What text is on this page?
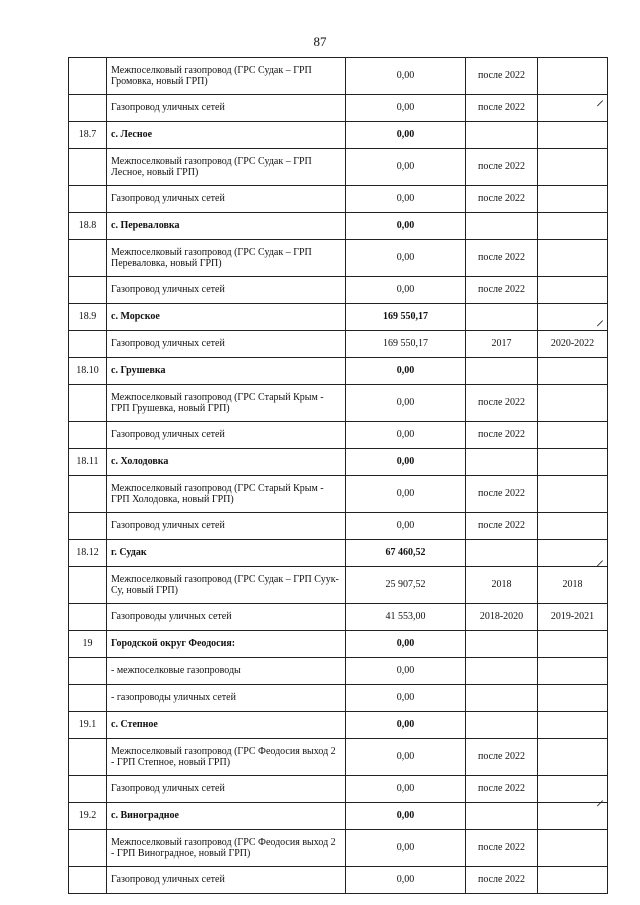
87
	Межпоселковый газопровод (ГРС Судак – ГРП Громовка, новый ГРП)	0,00	после 2022	
	Газопровод уличных сетей	0,00	после 2022	
18.7	с. Лесное	0,00		
	Межпоселковый газопровод (ГРС Судак – ГРП Лесное, новый ГРП)	0,00	после 2022	
	Газопровод уличных сетей	0,00	после 2022	
18.8	с. Переваловка	0,00		
	Межпоселковый газопровод (ГРС Судак – ГРП Переваловка, новый ГРП)	0,00	после 2022	
	Газопровод уличных сетей	0,00	после 2022	
18.9	с. Морское	169 550,17		
	Газопровод уличных сетей	169 550,17	2017	2020-2022
18.10	с. Грушевка	0,00		
	Межпоселковый газопровод (ГРС Старый Крым - ГРП Грушевка, новый ГРП)	0,00	после 2022	
	Газопровод уличных сетей	0,00	после 2022	
18.11	с. Холодовка	0,00		
	Межпоселковый газопровод (ГРС Старый Крым - ГРП Холодовка, новый ГРП)	0,00	после 2022	
	Газопровод уличных сетей	0,00	после 2022	
18.12	г. Судак	67 460,52		
	Межпоселковый газопровод (ГРС Судак – ГРП Суук-Су, новый ГРП)	25 907,52	2018	2018
	Газопроводы уличных сетей	41 553,00	2018-2020	2019-2021
19	Городской округ Феодосия:	0,00		
	- межпоселковые газопроводы	0,00		
	- газопроводы уличных сетей	0,00		
19.1	с. Степное	0,00		
	Межпоселковый газопровод (ГРС Феодосия выход 2 - ГРП Степное, новый ГРП)	0,00	после 2022	
	Газопровод уличных сетей	0,00	после 2022	
19.2	с. Виноградное	0,00		
	Межпоселковый газопровод (ГРС Феодосия выход 2 - ГРП Виноградное, новый ГРП)	0,00	после 2022	
	Газопровод уличных сетей	0,00	после 2022	
⸝
⸝
⸝
⸝
